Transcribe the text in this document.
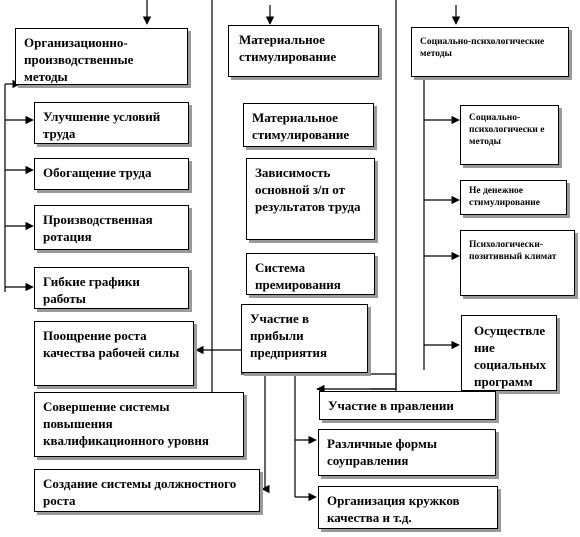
Организационно-производственные методы
Улучшение условий труда
Обогащение труда
Производственная ротация
Гибкие графики работы
Поощрение роста качества рабочей силы
Совершение системы повышения квалификационного уровня
Создание системы должностного роста
Материальное стимулирование
Материальное стимулирование
Зависимость основной з/п от результатов труда
Система премирования
Участие в прибыли предприятия
Социально-психологические методы
Социально-психологически е методы
Не денежное стимулирование
Психологически-позитивный климат
Осуществле ние социальных программ
Участие в правлении
Различные формы соуправления
Организация кружков качества и т.д.
